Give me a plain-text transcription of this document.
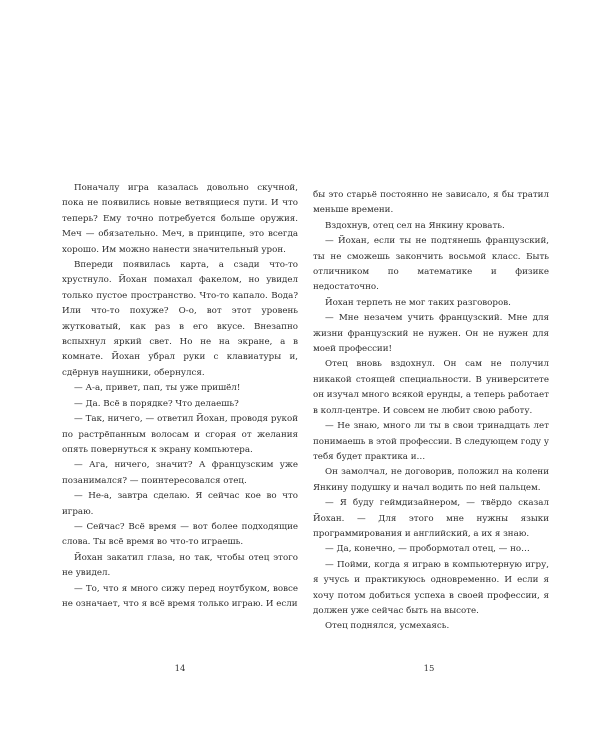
Поначалу игра казалась довольно скучной, пока не появились новые ветвящиеся пути. И что теперь? Ему точно потребуется больше оружия. Меч — обязательно. Меч, в принципе, это всегда хорошо. Им можно нанести значительный урон.

Впереди появилась карта, а сзади что-то хрустнуло. Йохан помахал факелом, но увидел только пустое пространство. Что-то капало. Вода? Или что-то похуже? О-о, вот этот уровень жутковатый, как раз в его вкусе. Внезапно вспыхнул яркий свет. Но не на экране, а в комнате. Йохан убрал руки с клавиатуры и, сдёрнув наушники, обернулся.

— А-а, привет, пап, ты уже пришёл!

— Да. Всё в порядке? Что делаешь?

— Так, ничего, — ответил Йохан, проводя рукой по растрёпанным волосам и сгорая от желания опять повернуться к экрану компьютера.

— Ага, ничего, значит? А французским уже позанимался? — поинтересовался отец.

— Не-а, завтра сделаю. Я сейчас кое во что играю.

— Сейчас? Всё время — вот более подходящие слова. Ты всё время во что-то играешь.

Йохан закатил глаза, но так, чтобы отец этого не увидел.

— То, что я много сижу перед ноутбуком, вовсе не означает, что я всё время только играю. И если

14

бы это старьё постоянно не зависало, я бы тратил меньше времени.

Вздохнув, отец сел на Янкину кровать.

— Йохан, если ты не подтянешь французский, ты не сможешь закончить восьмой класс. Быть отличником по математике и физике недостаточно.

Йохан терпеть не мог таких разговоров.

— Мне незачем учить французский. Мне для жизни французский не нужен. Он не нужен для моей профессии!

Отец вновь вздохнул. Он сам не получил никакой стоящей специальности. В университете он изучал много всякой ерунды, а теперь работает в колл-центре. И совсем не любит свою работу.

— Не знаю, много ли ты в свои тринадцать лет понимаешь в этой профессии. В следующем году у тебя будет практика и…

Он замолчал, не договорив, положил на колени Янкину подушку и начал водить по ней пальцем.

— Я буду геймдизайнером, — твёрдо сказал Йохан. — Для этого мне нужны языки программирования и английский, а их я знаю.

— Да, конечно, — пробормотал отец, — но…

— Пойми, когда я играю в компьютерную игру, я учусь и практикуюсь одновременно. И если я хочу потом добиться успеха в своей профессии, я должен уже сейчас быть на высоте.

Отец поднялся, усмехаясь.

15
